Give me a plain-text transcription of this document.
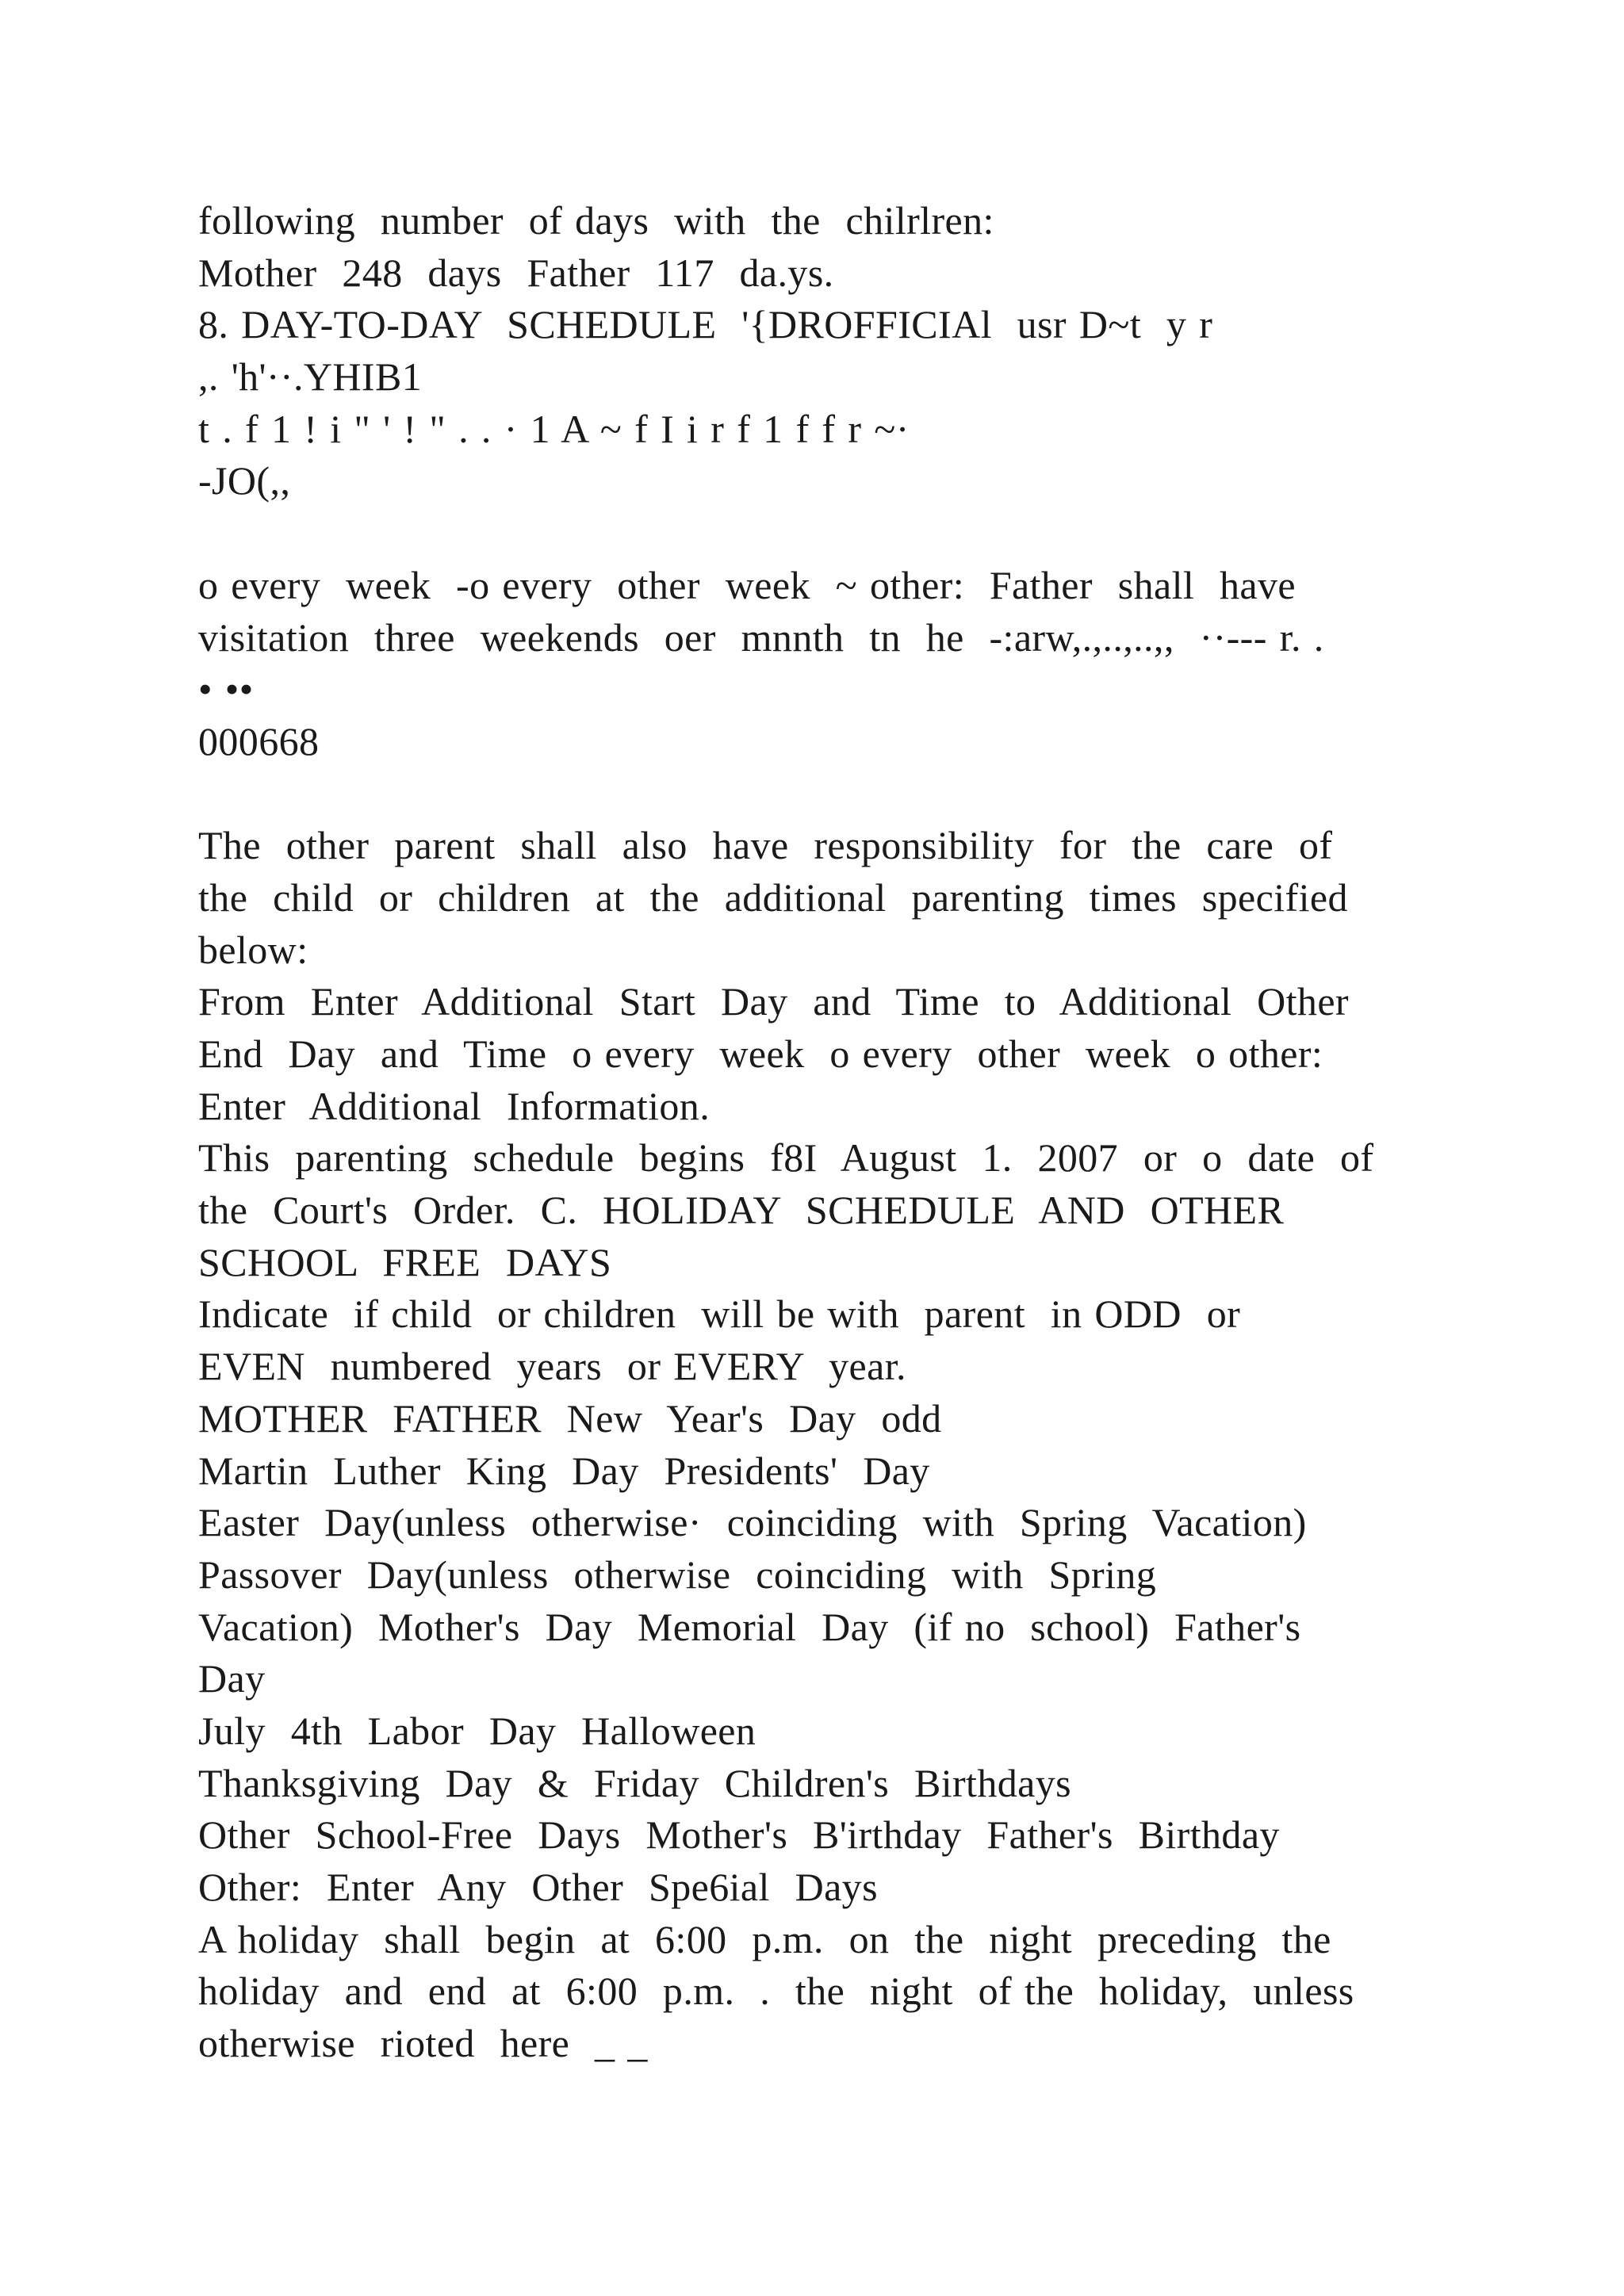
following  number  of days  with  the  chilrlren:
Mother  248  days  Father  117  da.ys.
8. DAY-TO-DAY  SCHEDULE  '{DROFFICIAl  usr D~t  y r
,. 'h'··.YHIB1
t . f 1 ! i " ' ! " . . · 1 A ~ f I i r f 1 f f r ~·
-JO(,,
o every  week  -o every  other  week  ~ other:  Father  shall  have
visitation  three  weekends  oer  mnnth  tn  he  -:arw,.,..,..,,  ··--- r. .
• ••
000668
The  other  parent  shall  also  have  responsibility  for  the  care  of
the  child  or  children  at  the  additional  parenting  times  specified
below:
From  Enter  Additional  Start  Day  and  Time  to  Additional  Other
End  Day  and  Time  o every  week  o every  other  week  o other:
Enter  Additional  Information.
This  parenting  schedule  begins  f8I  August  1.  2007  or  o  date  of
the  Court's  Order.  C.  HOLIDAY  SCHEDULE  AND  OTHER
SCHOOL  FREE  DAYS
Indicate  if child  or children  will be with  parent  in ODD  or
EVEN  numbered  years  or EVERY  year.
MOTHER  FATHER  New  Year's  Day  odd
Martin  Luther  King  Day  Presidents'  Day
Easter  Day(unless  otherwise·  coinciding  with  Spring  Vacation)
Passover  Day(unless  otherwise  coinciding  with  Spring
Vacation)  Mother's  Day  Memorial  Day  (if no  school)  Father's
Day
July  4th  Labor  Day  Halloween
Thanksgiving  Day  &  Friday  Children's  Birthdays
Other  School-Free  Days  Mother's  B'irthday  Father's  Birthday
Other:  Enter  Any  Other  Spe6ial  Days
A holiday  shall  begin  at  6:00  p.m.  on  the  night  preceding  the
holiday  and  end  at  6:00  p.m.  .  the  night  of the  holiday,  unless
otherwise  rioted  here  _ _
